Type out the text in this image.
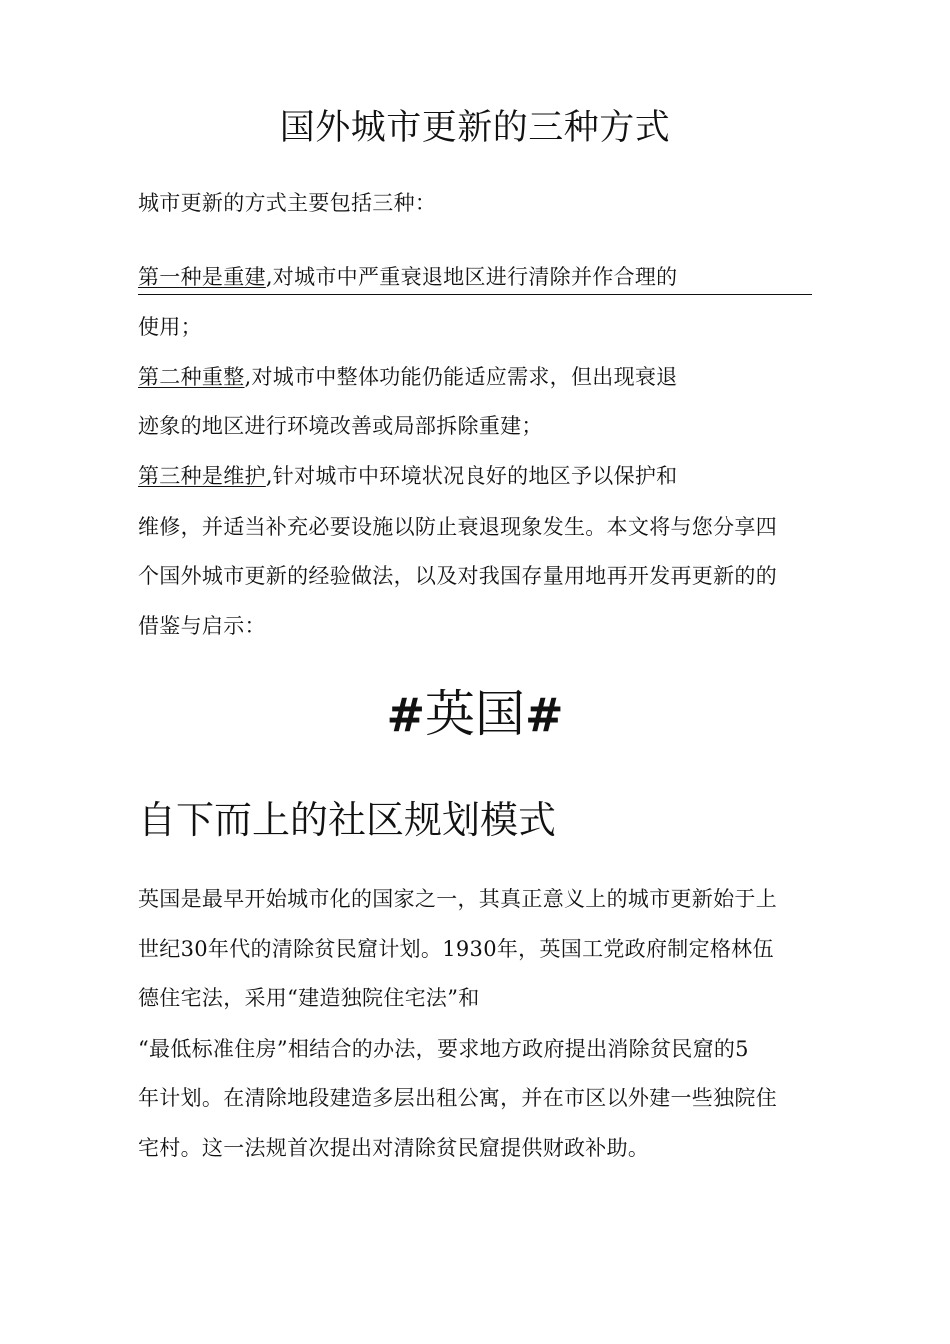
国外城市更新的三种方式
城市更新的方式主要包括三种：
第一种是重建,对城市中严重衰退地区进行清除并作合理的
使用；
第二种重整,对城市中整体功能仍能适应需求，但出现衰退
迹象的地区进行环境改善或局部拆除重建；
第三种是维护,针对城市中环境状况良好的地区予以保护和
维修，并适当补充必要设施以防止衰退现象发生。本文将与您分享四
个国外城市更新的经验做法，以及对我国存量用地再开发再更新的的
借鉴与启示：
#英国#
自下而上的社区规划模式
英国是最早开始城市化的国家之一，其真正意义上的城市更新始于上
世纪30年代的清除贫民窟计划。1930年，英国工党政府制定格林伍
德住宅法，采用“建造独院住宅法”和
“最低标准住房”相结合的办法，要求地方政府提出消除贫民窟的5
年计划。在清除地段建造多层出租公寓，并在市区以外建一些独院住
宅村。这一法规首次提出对清除贫民窟提供财政补助。
